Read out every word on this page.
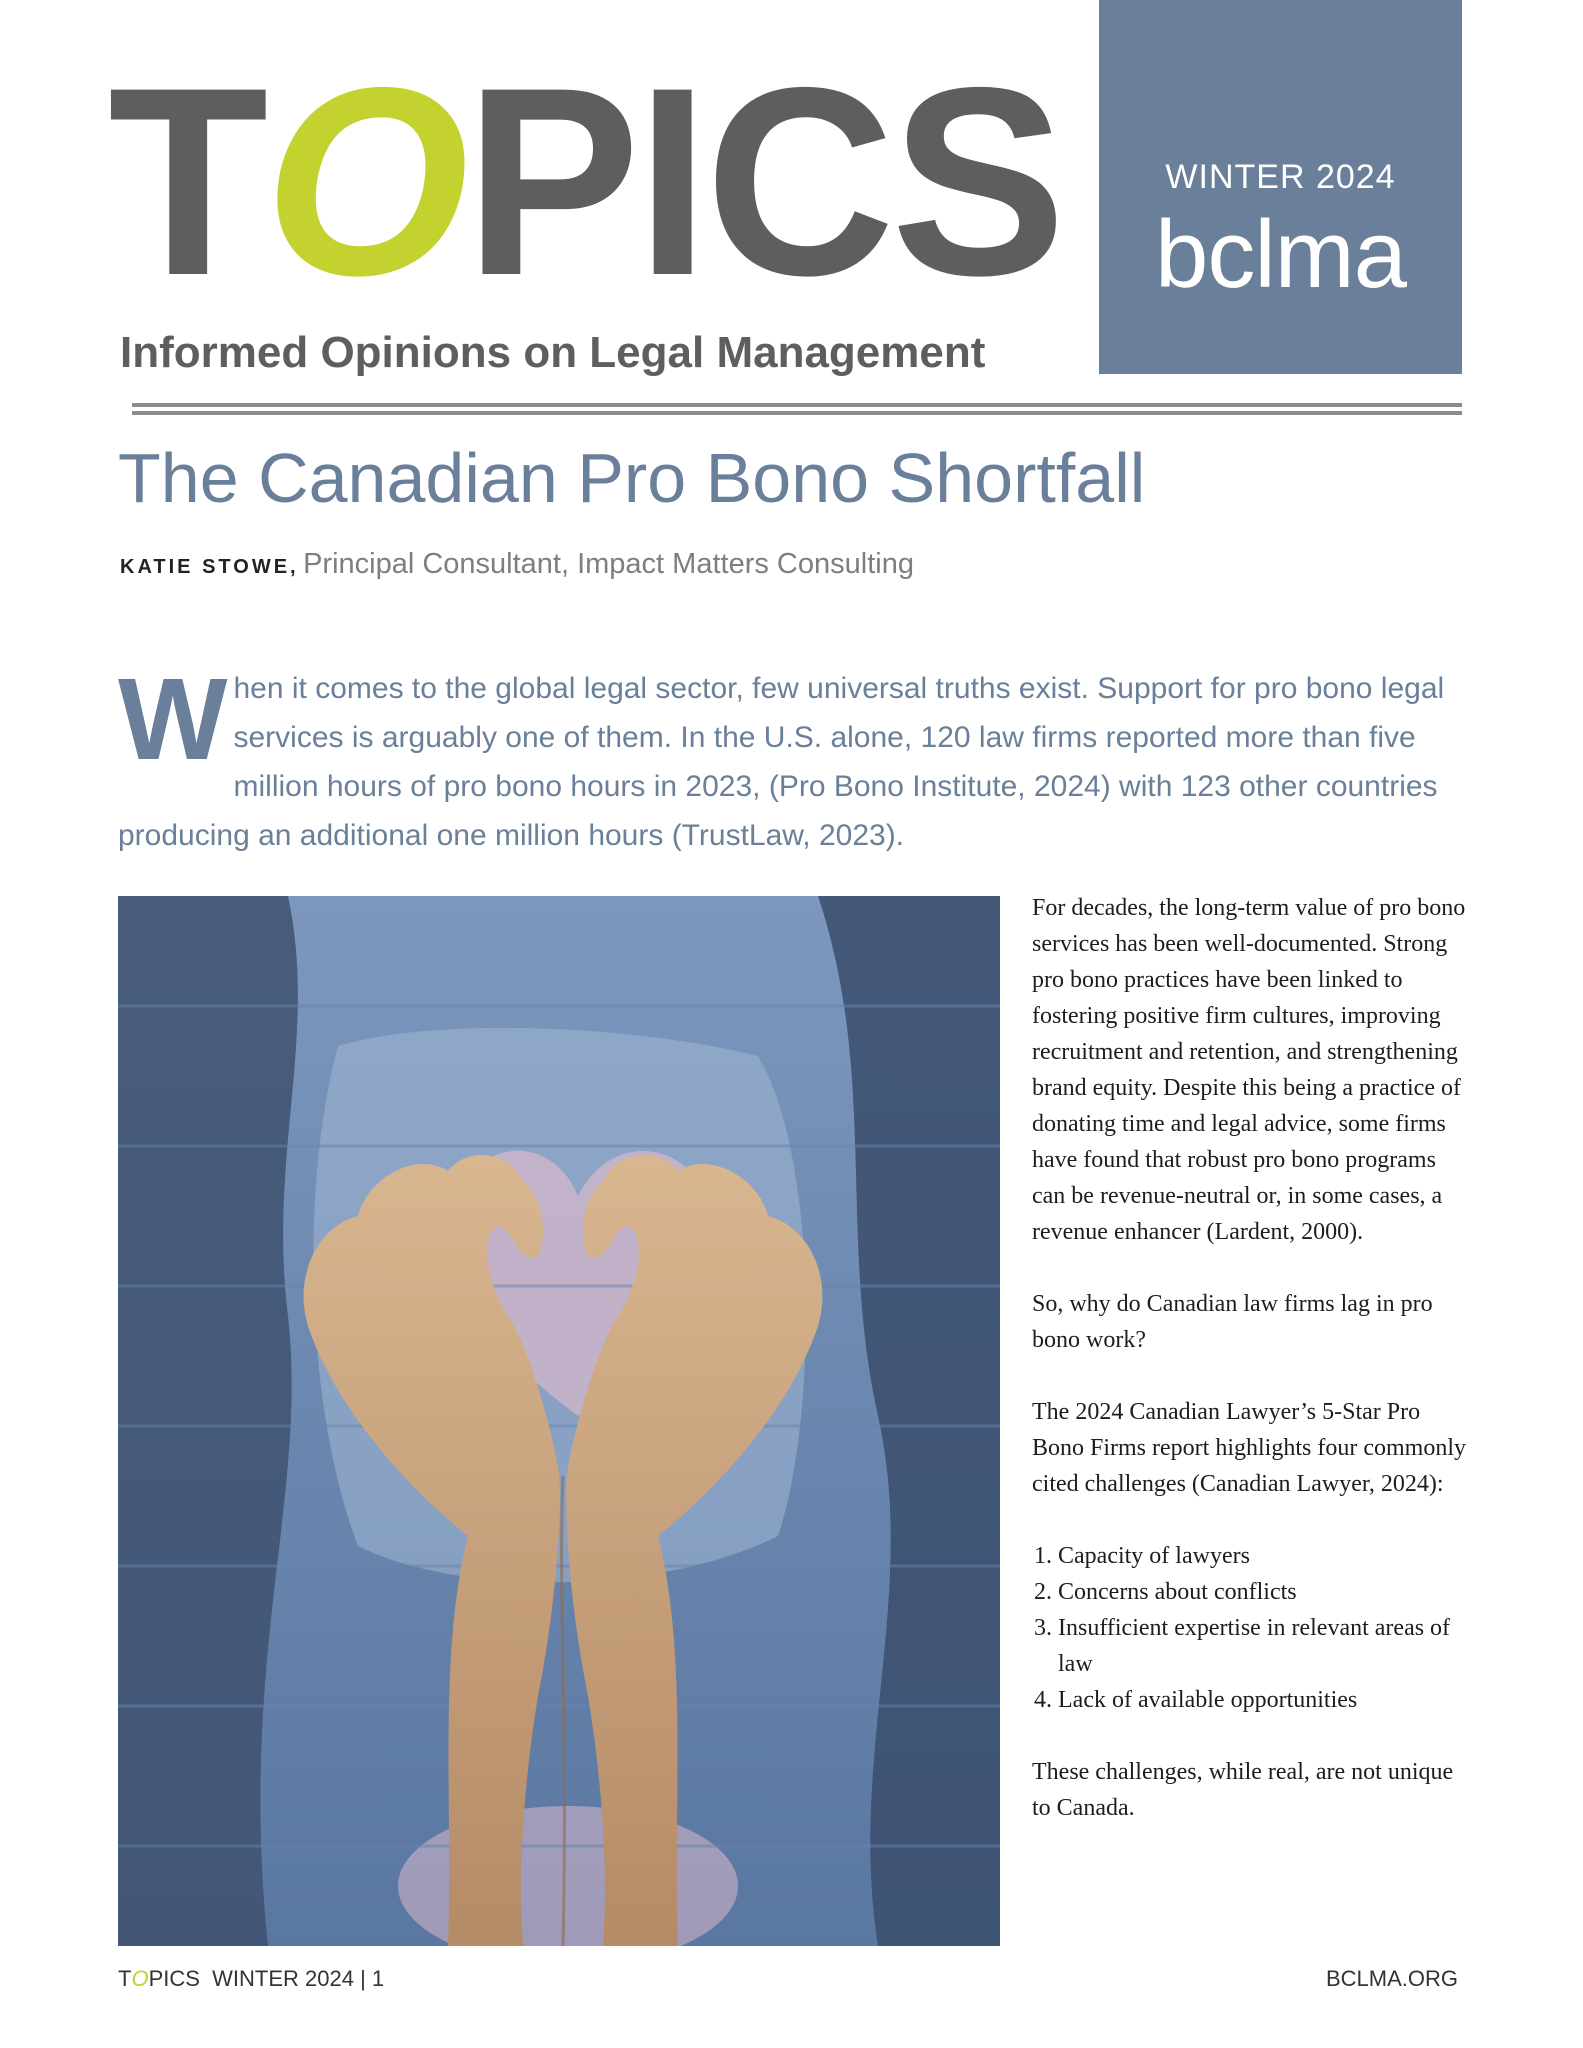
TOPICS
Informed Opinions on Legal Management
WINTER 2024
bclma
The Canadian Pro Bono Shortfall
KATIE STOWE, Principal Consultant, Impact Matters Consulting
When it comes to the global legal sector, few universal truths exist. Support for pro bono legal services is arguably one of them. In the U.S. alone, 120 law firms reported more than five million hours of pro bono hours in 2023, (Pro Bono Institute, 2024) with 123 other countries producing an additional one million hours (TrustLaw, 2023).

For decades, the long-term value of pro bono services has been well-documented. Strong pro bono practices have been linked to fostering positive firm cultures, improving recruitment and retention, and strengthening brand equity. Despite this being a practice of donating time and legal advice, some firms have found that robust pro bono programs can be revenue-neutral or, in some cases, a revenue enhancer (Lardent, 2000).

So, why do Canadian law firms lag in pro bono work?

The 2024 Canadian Lawyer’s 5-Star Pro Bono Firms report highlights four commonly cited challenges (Canadian Lawyer, 2024):

1. Capacity of lawyers
2. Concerns about conflicts
3. Insufficient expertise in relevant areas of law
4. Lack of available opportunities

These challenges, while real, are not unique to Canada.

TOPICS WINTER 2024 | 1	BCLMA.ORG
